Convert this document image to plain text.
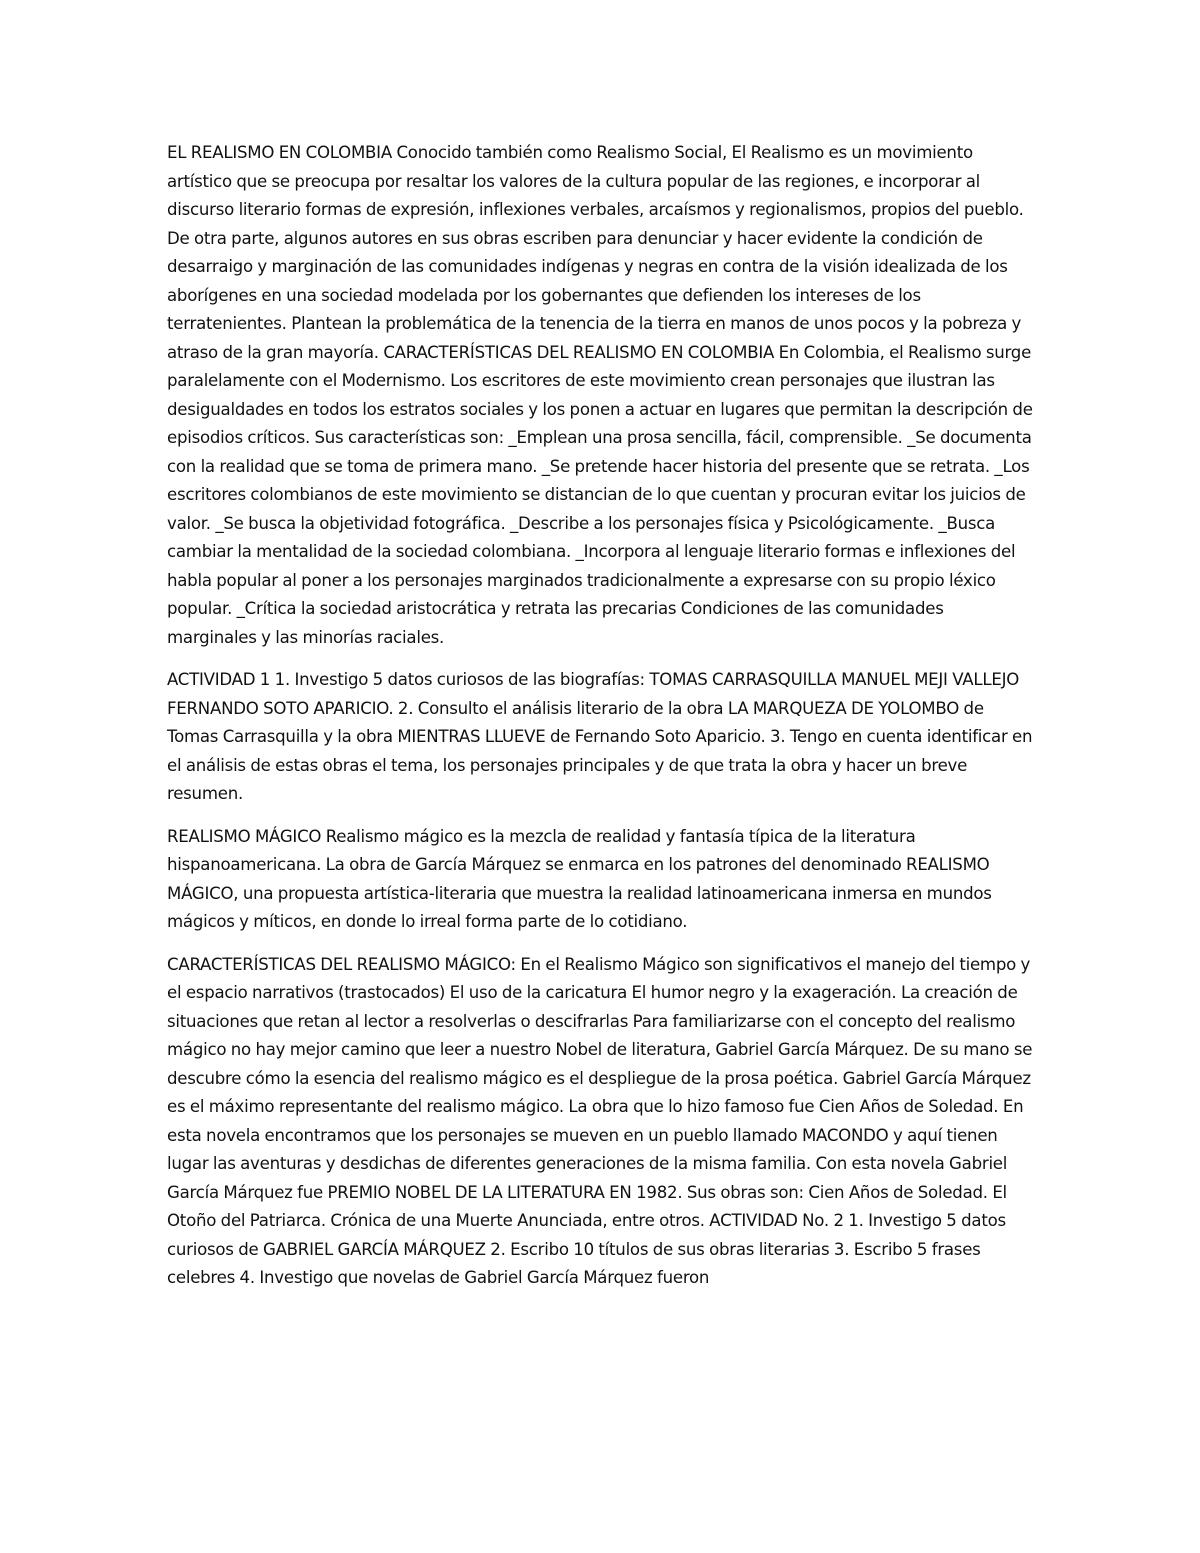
EL REALISMO EN COLOMBIA Conocido también como Realismo Social, El Realismo es un movimiento artístico que se preocupa por resaltar los valores de la cultura popular de las regiones, e incorporar al discurso literario formas de expresión, inflexiones verbales, arcaísmos y regionalismos, propios del pueblo. De otra parte, algunos autores en sus obras escriben para denunciar y hacer evidente la condición de desarraigo y marginación de las comunidades indígenas y negras en contra de la visión idealizada de los aborígenes en una sociedad modelada por los gobernantes que defienden los intereses de los terratenientes. Plantean la problemática de la tenencia de la tierra en manos de unos pocos y la pobreza y atraso de la gran mayoría. CARACTERÍSTICAS DEL REALISMO EN COLOMBIA En Colombia, el Realismo surge paralelamente con el Modernismo. Los escritores de este movimiento crean personajes que ilustran las desigualdades en todos los estratos sociales y los ponen a actuar en lugares que permitan la descripción de episodios críticos. Sus características son: _Emplean una prosa sencilla, fácil, comprensible. _Se documenta con la realidad que se toma de primera mano. _Se pretende hacer historia del presente que se retrata. _Los escritores colombianos de este movimiento se distancian de lo que cuentan y procuran evitar los juicios de valor. _Se busca la objetividad fotográfica. _Describe a los personajes física y Psicológicamente. _Busca cambiar la mentalidad de la sociedad colombiana. _Incorpora al lenguaje literario formas e inflexiones del habla popular al poner a los personajes marginados tradicionalmente a expresarse con su propio léxico popular. _Crítica la sociedad aristocrática y retrata las precarias Condiciones de las comunidades marginales y las minorías raciales.

ACTIVIDAD 1 1. Investigo 5 datos curiosos de las biografías: TOMAS CARRASQUILLA MANUEL MEJI VALLEJO FERNANDO SOTO APARICIO. 2. Consulto el análisis literario de la obra LA MARQUEZA DE YOLOMBO de Tomas Carrasquilla y la obra MIENTRAS LLUEVE de Fernando Soto Aparicio. 3. Tengo en cuenta identificar en el análisis de estas obras el tema, los personajes principales y de que trata la obra y hacer un breve resumen.

REALISMO MÁGICO Realismo mágico es la mezcla de realidad y fantasía típica de la literatura hispanoamericana. La obra de García Márquez se enmarca en los patrones del denominado REALISMO MÁGICO, una propuesta artística-literaria que muestra la realidad latinoamericana inmersa en mundos mágicos y míticos, en donde lo irreal forma parte de lo cotidiano.

CARACTERÍSTICAS DEL REALISMO MÁGICO: En el Realismo Mágico son significativos el manejo del tiempo y el espacio narrativos (trastocados) El uso de la caricatura El humor negro y la exageración. La creación de situaciones que retan al lector a resolverlas o descifrarlas Para familiarizarse con el concepto del realismo mágico no hay mejor camino que leer a nuestro Nobel de literatura, Gabriel García Márquez. De su mano se descubre cómo la esencia del realismo mágico es el despliegue de la prosa poética. Gabriel García Márquez es el máximo representante del realismo mágico. La obra que lo hizo famoso fue Cien Años de Soledad. En esta novela encontramos que los personajes se mueven en un pueblo llamado MACONDO y aquí tienen lugar las aventuras y desdichas de diferentes generaciones de la misma familia. Con esta novela Gabriel García Márquez fue PREMIO NOBEL DE LA LITERATURA EN 1982. Sus obras son: Cien Años de Soledad. El Otoño del Patriarca. Crónica de una Muerte Anunciada, entre otros. ACTIVIDAD No. 2 1. Investigo 5 datos curiosos de GABRIEL GARCÍA MÁRQUEZ 2. Escribo 10 títulos de sus obras literarias 3. Escribo 5 frases celebres 4. Investigo que novelas de Gabriel García Márquez fueron
